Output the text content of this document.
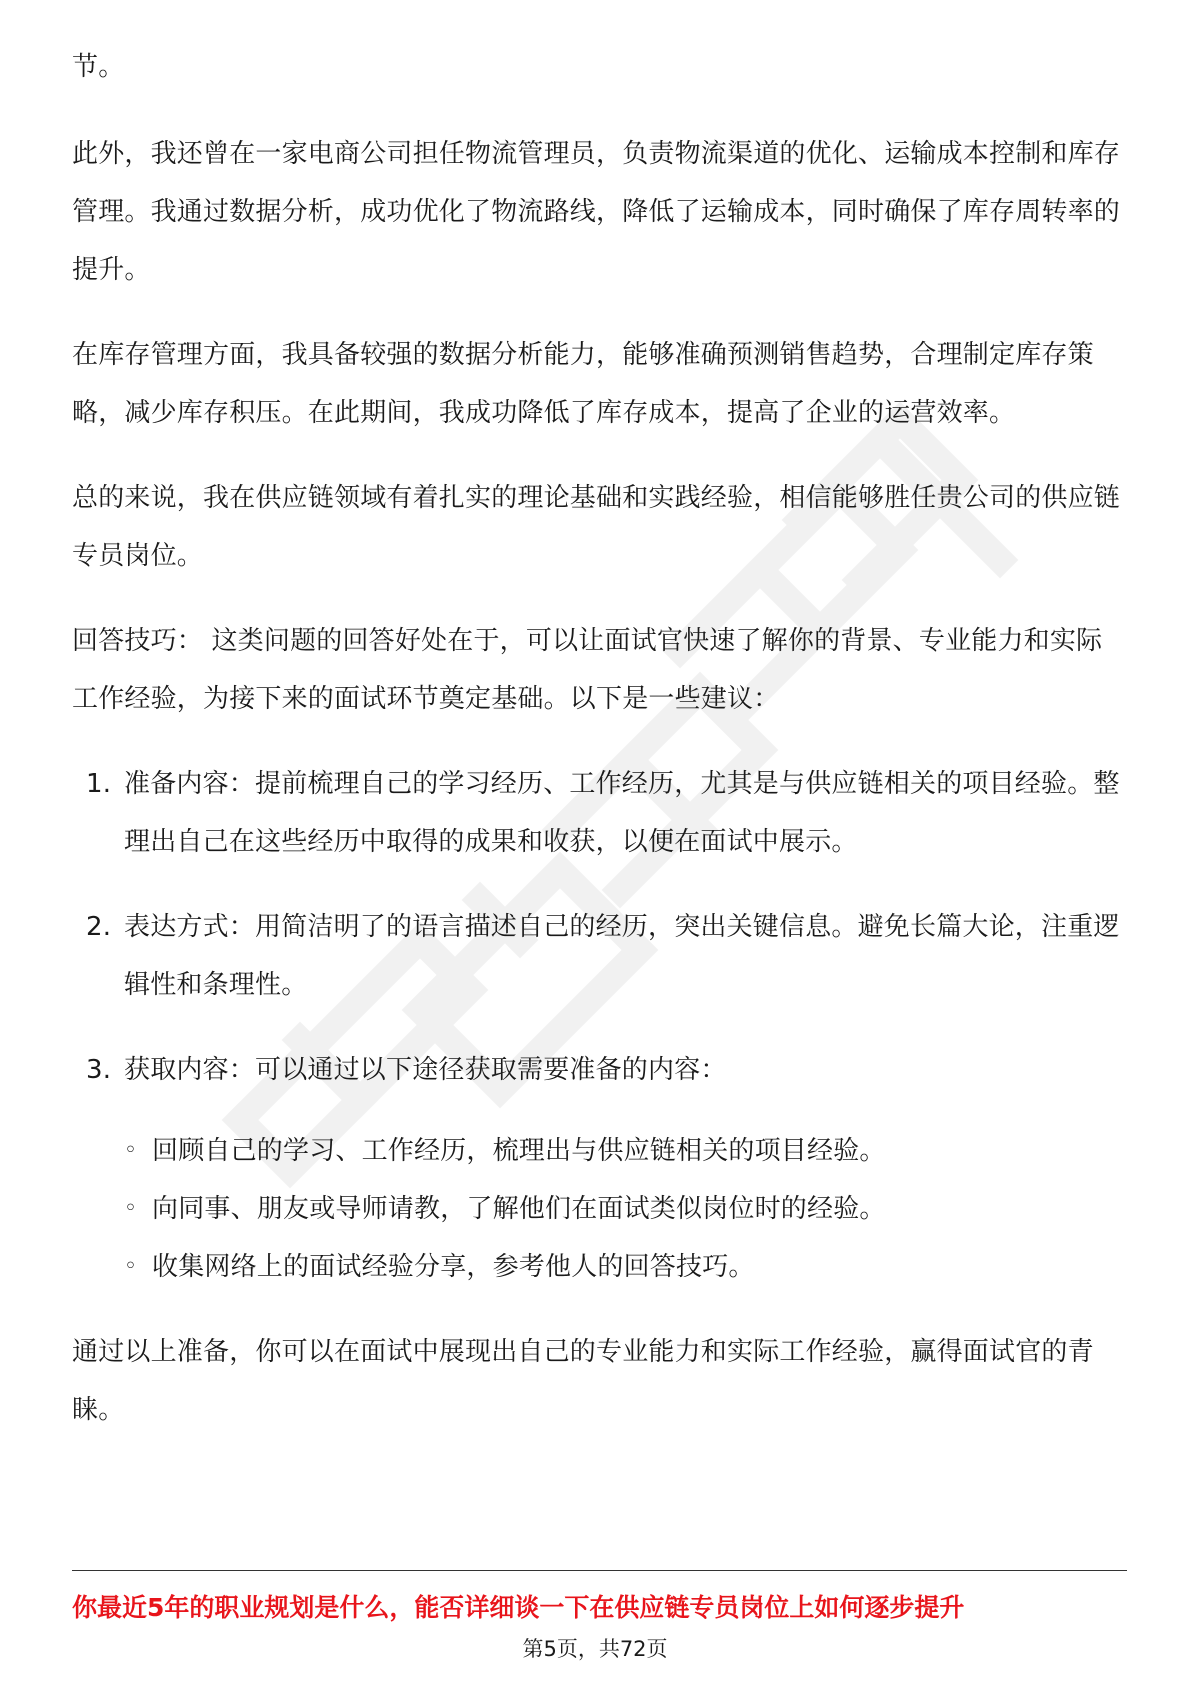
节。

此外，我还曾在一家电商公司担任物流管理员，负责物流渠道的优化、运输成本控制和库存管理。我通过数据分析，成功优化了物流路线，降低了运输成本，同时确保了库存周转率的提升。

在库存管理方面，我具备较强的数据分析能力，能够准确预测销售趋势，合理制定库存策略，减少库存积压。在此期间，我成功降低了库存成本，提高了企业的运营效率。

总的来说，我在供应链领域有着扎实的理论基础和实践经验，相信能够胜任贵公司的供应链专员岗位。

回答技巧： 这类问题的回答好处在于，可以让面试官快速了解你的背景、专业能力和实际工作经验，为接下来的面试环节奠定基础。以下是一些建议：

1. 准备内容：提前梳理自己的学习经历、工作经历，尤其是与供应链相关的项目经验。整理出自己在这些经历中取得的成果和收获，以便在面试中展示。
2. 表达方式：用简洁明了的语言描述自己的经历，突出关键信息。避免长篇大论，注重逻辑性和条理性。
3. 获取内容：可以通过以下途径获取需要准备的内容：
◦ 回顾自己的学习、工作经历，梳理出与供应链相关的项目经验。
◦ 向同事、朋友或导师请教，了解他们在面试类似岗位时的经验。
◦ 收集网络上的面试经验分享，参考他人的回答技巧。

通过以上准备，你可以在面试中展现出自己的专业能力和实际工作经验，赢得面试官的青睐。

你最近5年的职业规划是什么，能否详细谈一下在供应链专员岗位上如何逐步提升
第5页，共72页
